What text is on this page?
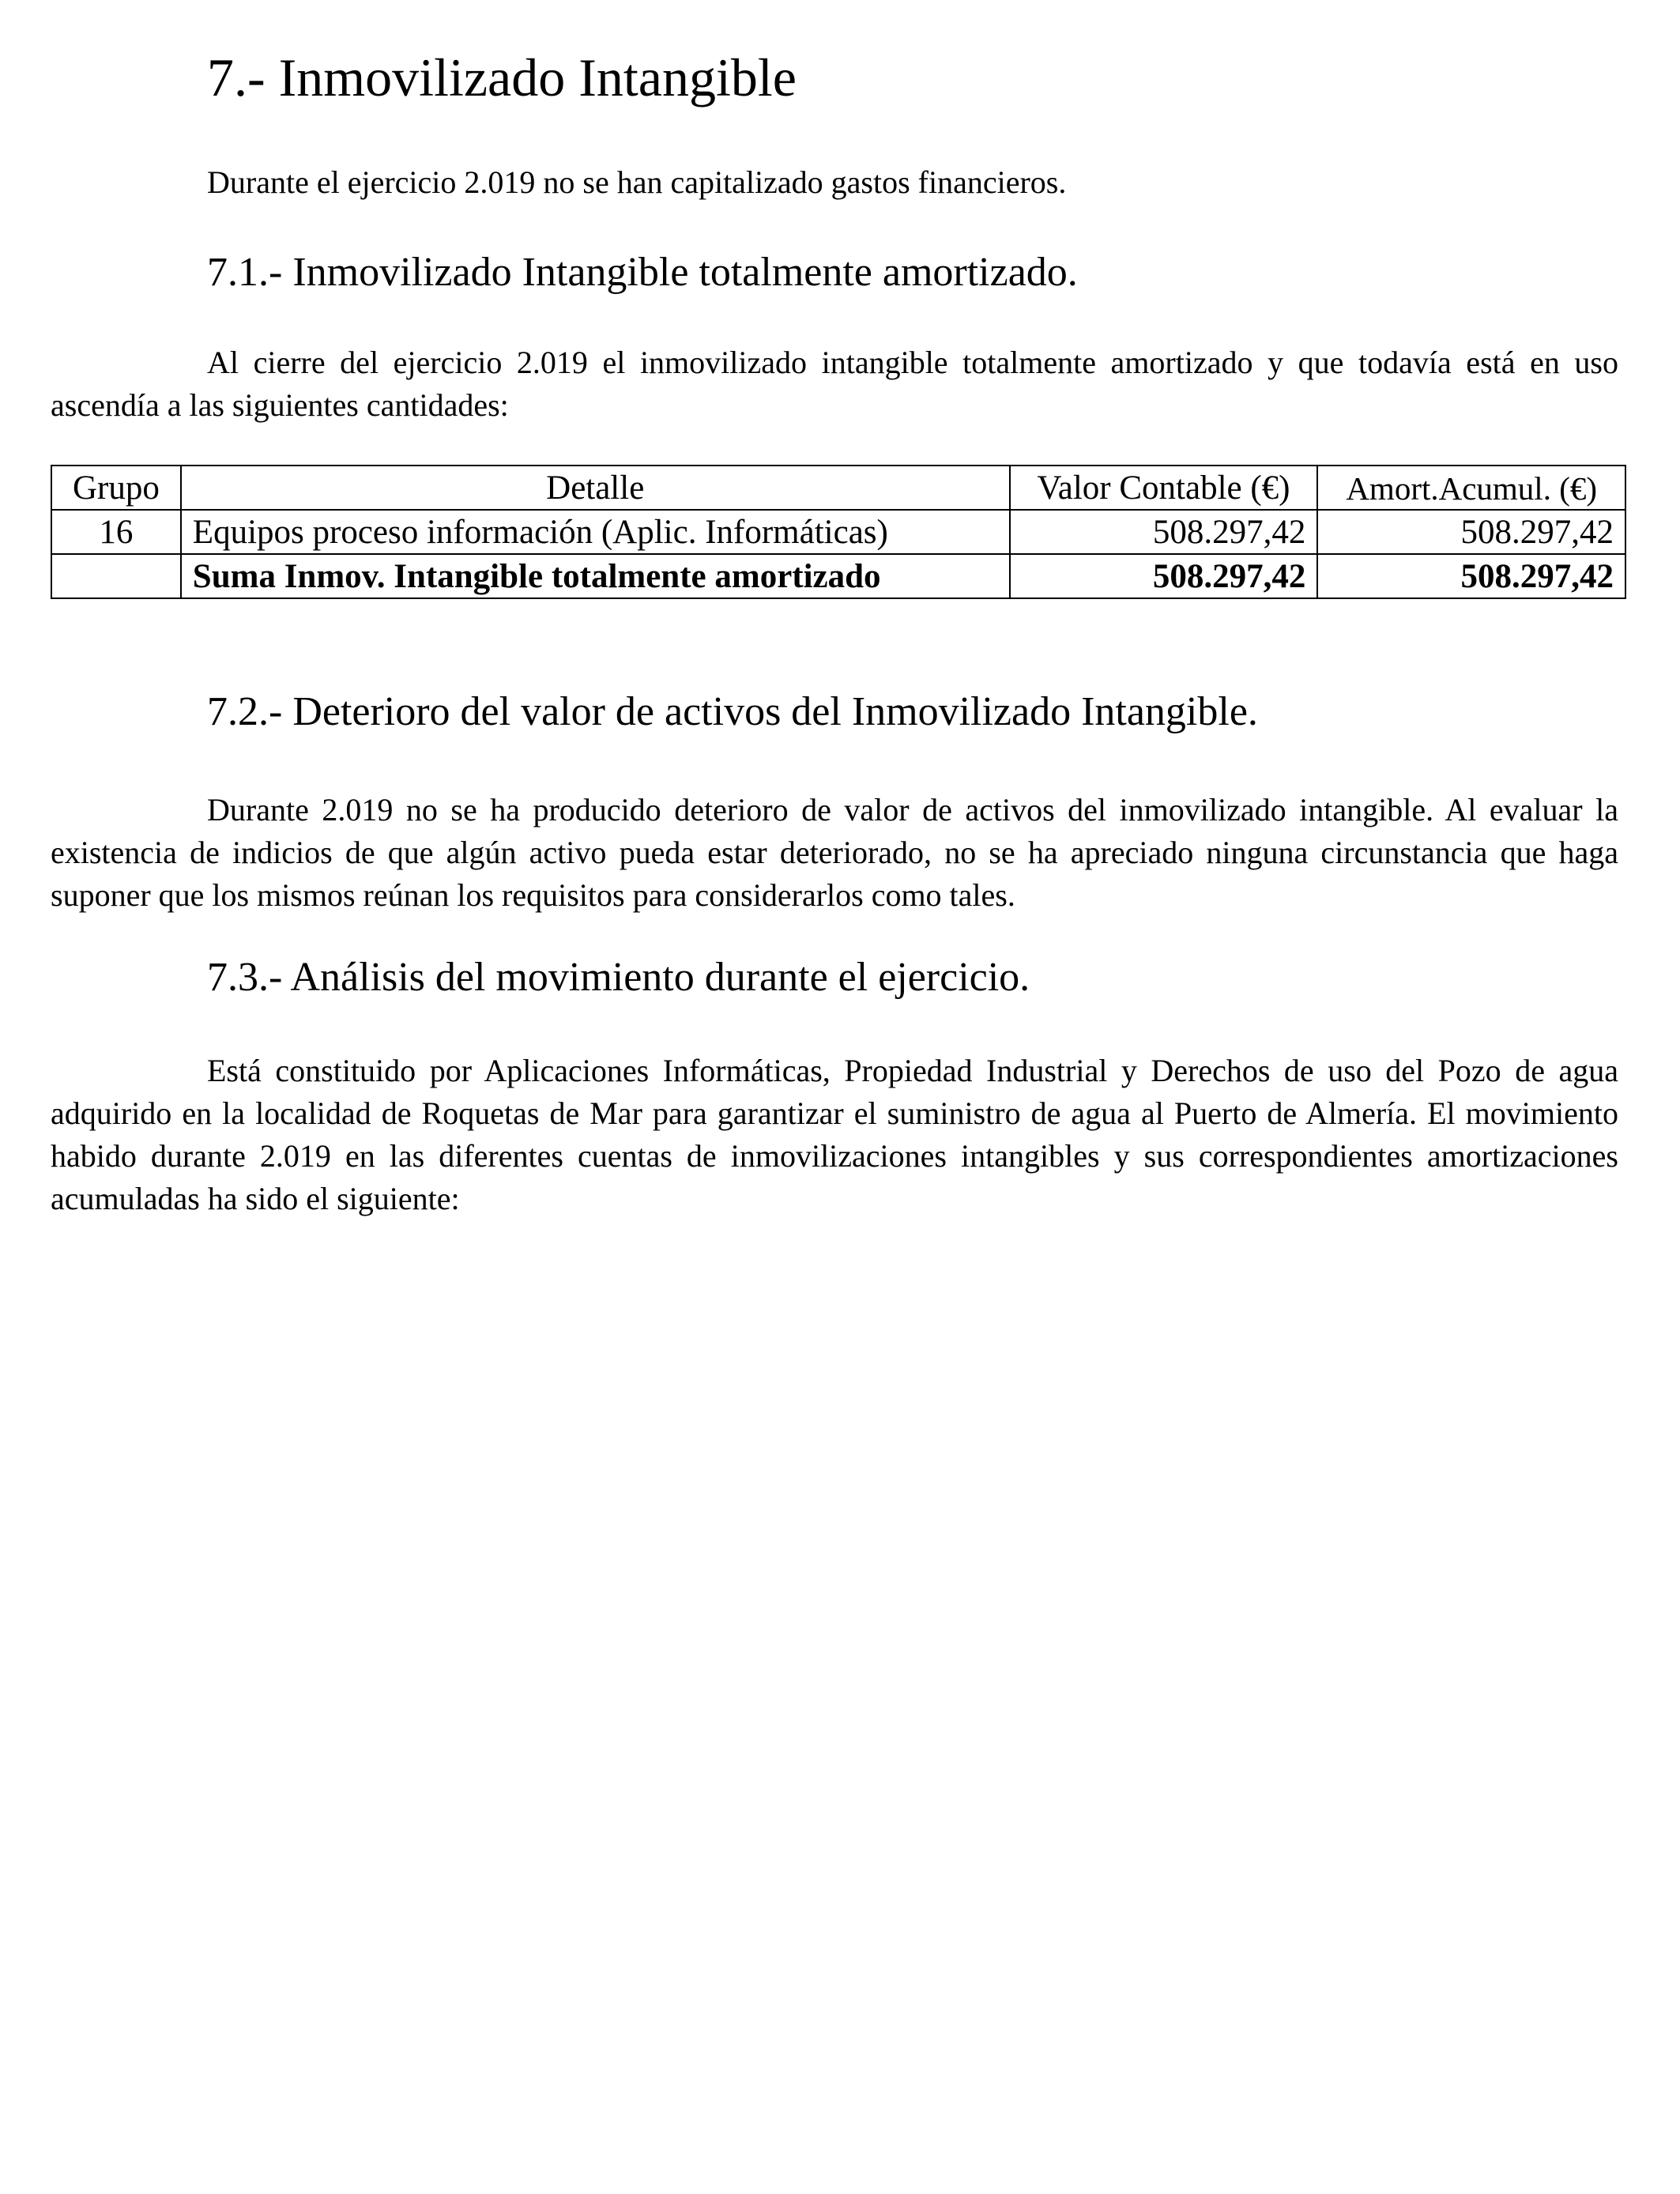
7.- Inmovilizado Intangible

Durante el ejercicio 2.019 no se han capitalizado gastos financieros.

7.1.- Inmovilizado Intangible totalmente amortizado.

Al cierre del ejercicio 2.019 el inmovilizado intangible totalmente amortizado y que todavía está en uso ascendía a las siguientes cantidades:

Grupo	Detalle	Valor Contable (€)	Amort.Acumul. (€)
16	Equipos proceso información (Aplic. Informáticas)	508.297,42	508.297,42
	Suma Inmov. Intangible totalmente amortizado	508.297,42	508.297,42
7.2.- Deterioro del valor de activos del Inmovilizado Intangible.

Durante 2.019 no se ha producido deterioro de valor de activos del inmovilizado intangible. Al evaluar la existencia de indicios de que algún activo pueda estar deteriorado, no se ha apreciado ninguna circunstancia que haga suponer que los mismos reúnan los requisitos para considerarlos como tales.

7.3.- Análisis del movimiento durante el ejercicio.

Está constituido por Aplicaciones Informáticas, Propiedad Industrial y Derechos de uso del Pozo de agua adquirido en la localidad de Roquetas de Mar para garantizar el suministro de agua al Puerto de Almería. El movimiento habido durante 2.019 en las diferentes cuentas de inmovilizaciones intangibles y sus correspondientes amortizaciones acumuladas ha sido el siguiente:
